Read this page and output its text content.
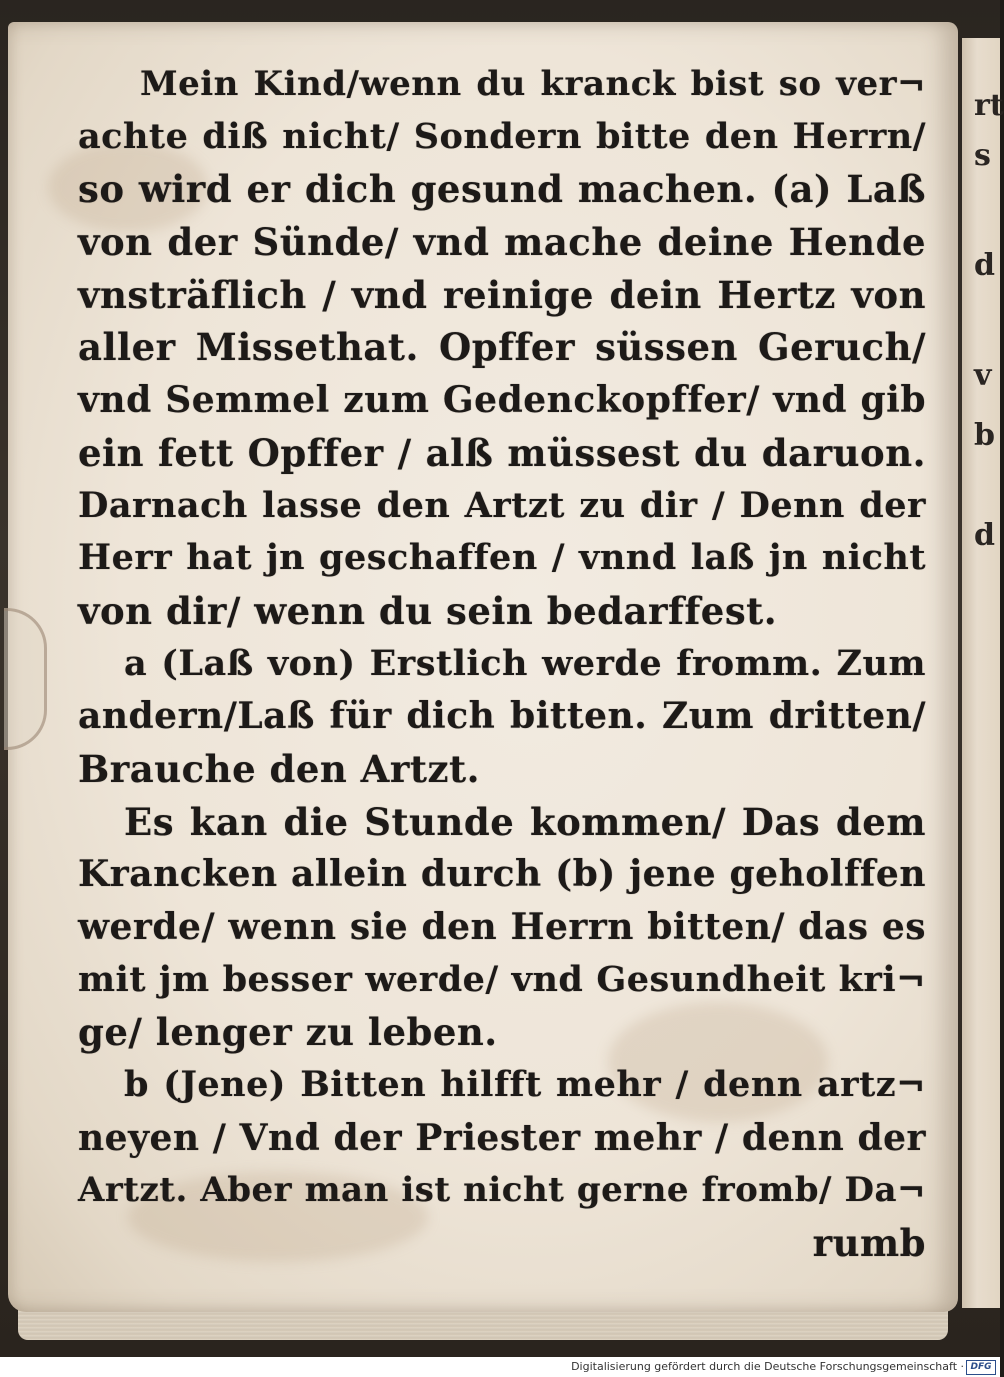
rt
s
d
v
b
d
Mein Kind/wenn du kranck bist so ver¬
achte diß nicht/ Sondern bitte den Herrn/
so wird er dich gesund machen. (a) Laß
von der Sünde/ vnd mache deine Hende
vnsträflich / vnd reinige dein Hertz von
aller Missethat. Opffer süssen Geruch/
vnd Semmel zum Gedenckopffer/ vnd gib
ein fett Opffer / alß müssest du daruon.
Darnach lasse den Artzt zu dir / Denn der
Herr hat jn geschaffen / vnnd laß jn nicht
von dir/ wenn du sein bedarffest.
a (Laß von) Erstlich werde fromm. Zum
andern/Laß für dich bitten. Zum dritten/
Brauche den Artzt.
Es kan die Stunde kommen/ Das dem
Krancken allein durch (b) jene geholffen
werde/ wenn sie den Herrn bitten/ das es
mit jm besser werde/ vnd Gesundheit kri¬
ge/ lenger zu leben.
b (Jene) Bitten hilfft mehr / denn artz¬
neyen / Vnd der Priester mehr / denn der
Artzt. Aber man ist nicht gerne fromb/ Da¬
rumb
Digitalisierung gefördert durch die Deutsche Forschungsgemeinschaft · DFG
